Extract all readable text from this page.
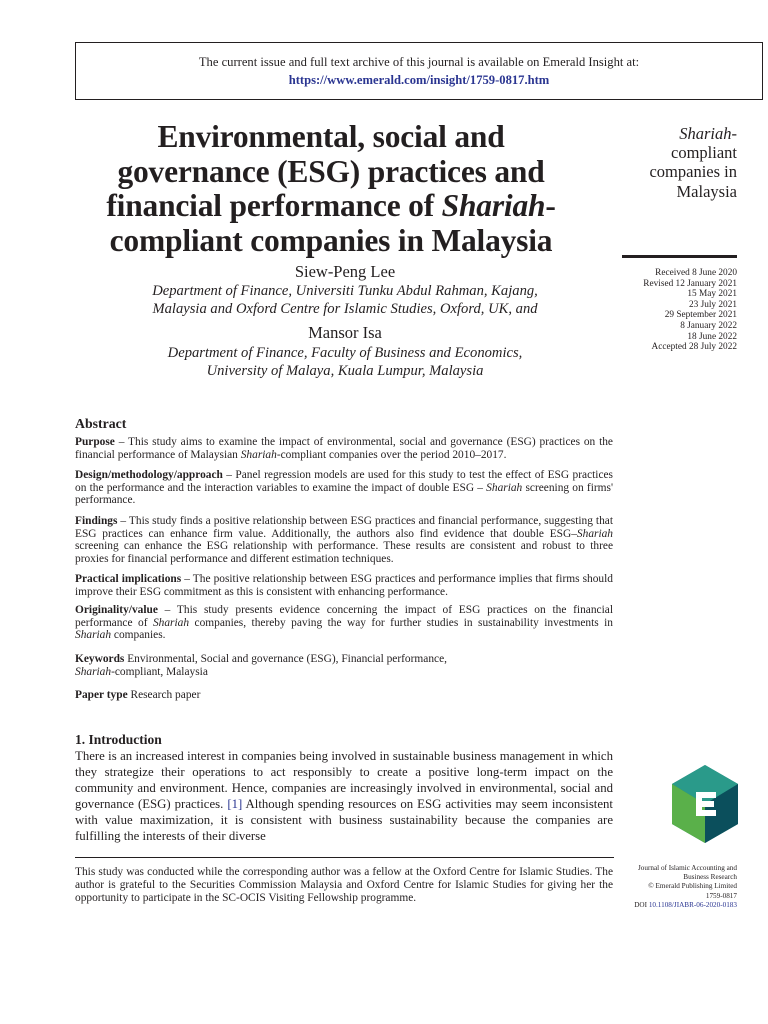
The current issue and full text archive of this journal is available on Emerald Insight at:
https://www.emerald.com/insight/1759-0817.htm
Environmental, social and
governance (ESG) practices and
financial performance of Shariah-
compliant companies in Malaysia
Siew-Peng Lee
Department of Finance, Universiti Tunku Abdul Rahman, Kajang,
Malaysia and Oxford Centre for Islamic Studies, Oxford, UK, and
Mansor Isa
Department of Finance, Faculty of Business and Economics,
University of Malaya, Kuala Lumpur, Malaysia
Shariah-
compliant
companies in
Malaysia
Received 8 June 2020
Revised 12 January 2021
15 May 2021
23 July 2021
29 September 2021
8 January 2022
18 June 2022
Accepted 28 July 2022
Abstract
Purpose – This study aims to examine the impact of environmental, social and governance (ESG) practices on the financial performance of Malaysian Shariah-compliant companies over the period 2010–2017.
Design/methodology/approach – Panel regression models are used for this study to test the effect of ESG practices on the performance and the interaction variables to examine the impact of double ESG – Shariah screening on firms' performance.
Findings – This study finds a positive relationship between ESG practices and financial performance, suggesting that ESG practices can enhance firm value. Additionally, the authors also find evidence that double ESG–Shariah screening can enhance the ESG relationship with performance. These results are consistent and robust to three proxies for financial performance and different estimation techniques.
Practical implications – The positive relationship between ESG practices and performance implies that firms should improve their ESG commitment as this is consistent with enhancing performance.
Originality/value – This study presents evidence concerning the impact of ESG practices on the financial performance of Shariah companies, thereby paving the way for further studies in sustainability investments in Shariah companies.
Keywords Environmental, Social and governance (ESG), Financial performance,
Shariah-compliant, Malaysia
Paper type Research paper
1. Introduction
There is an increased interest in companies being involved in sustainable business management in which they strategize their operations to act responsibly to create a positive long-term impact on the community and environment. Hence, companies are increasingly involved in environmental, social and governance (ESG) practices. [1] Although spending resources on ESG activities may seem inconsistent with value maximization, it is consistent with business sustainability because the companies are fulfilling the interests of their diverse
This study was conducted while the corresponding author was a fellow at the Oxford Centre for Islamic Studies. The author is grateful to the Securities Commission Malaysia and Oxford Centre for Islamic Studies for giving her the opportunity to participate in the SC-OCIS Visiting Fellowship programme.
Journal of Islamic Accounting and
Business Research
© Emerald Publishing Limited
1759-0817
DOI 10.1108/JIABR-06-2020-0183
